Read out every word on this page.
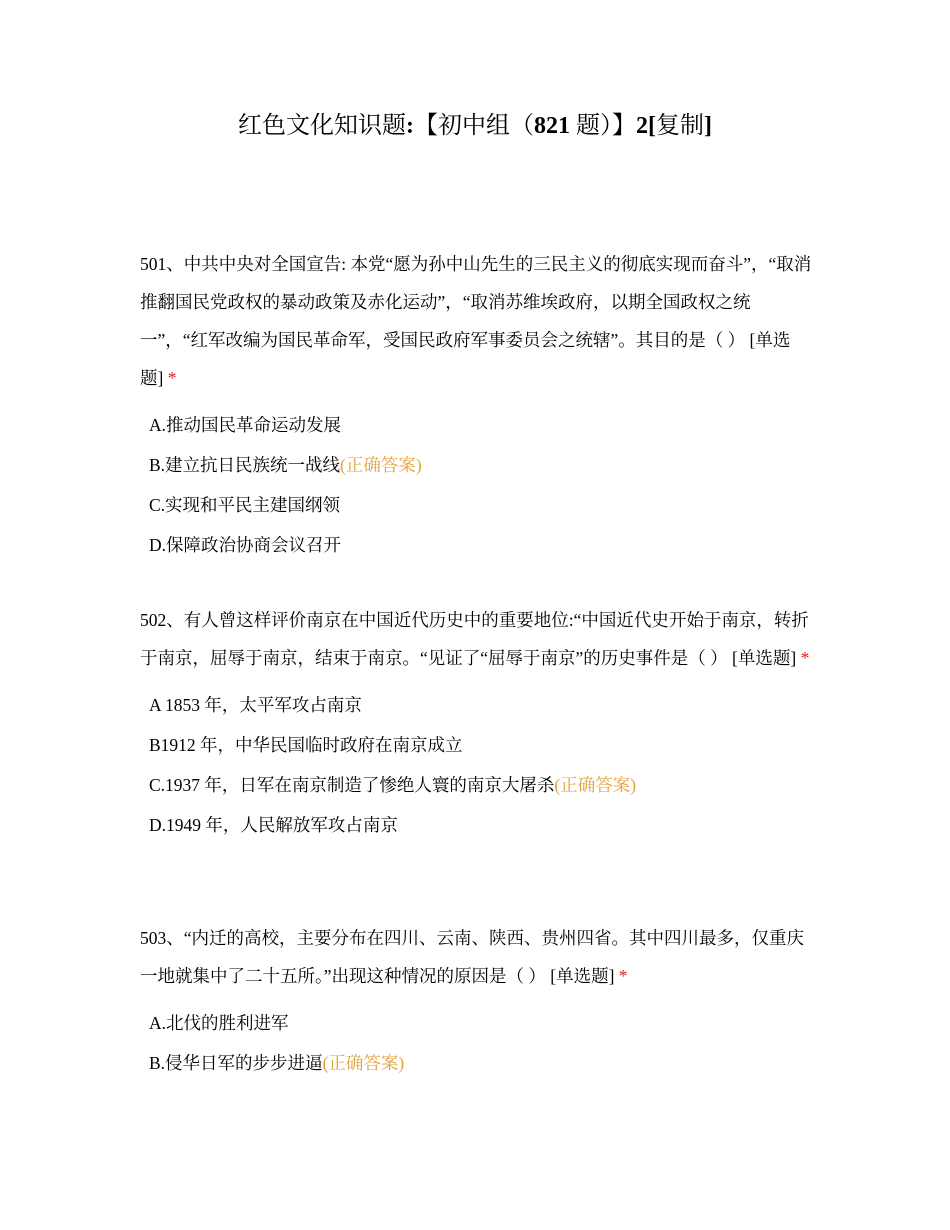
红色文化知识题:【初中组（821 题）】2[复制]

501、中共中央对全国宣告: 本党“愿为孙中山先生的三民主义的彻底实现而奋斗”，“取消推翻国民党政权的暴动政策及赤化运动”，“取消苏维埃政府，以期全国政权之统一”，“红军改编为国民革命军，受国民政府军事委员会之统辖”。其目的是（ ） [单选题] *

A.推动国民革命运动发展
B.建立抗日民族统一战线(正确答案)
C.实现和平民主建国纲领
D.保障政治协商会议召开

502、有人曾这样评价南京在中国近代历史中的重要地位:“中国近代史开始于南京，转折于南京，屈辱于南京，结束于南京。“见证了“屈辱于南京”的历史事件是（ ） [单选题] *

A 1853 年，太平军攻占南京
B1912 年，中华民国临时政府在南京成立
C.1937 年，日军在南京制造了惨绝人寰的南京大屠杀(正确答案)
D.1949 年，人民解放军攻占南京

503、“内迁的高校，主要分布在四川、云南、陕西、贵州四省。其中四川最多，仅重庆一地就集中了二十五所。”出现这种情况的原因是（ ） [单选题] *

A.北伐的胜利进军
B.侵华日军的步步进逼(正确答案)
